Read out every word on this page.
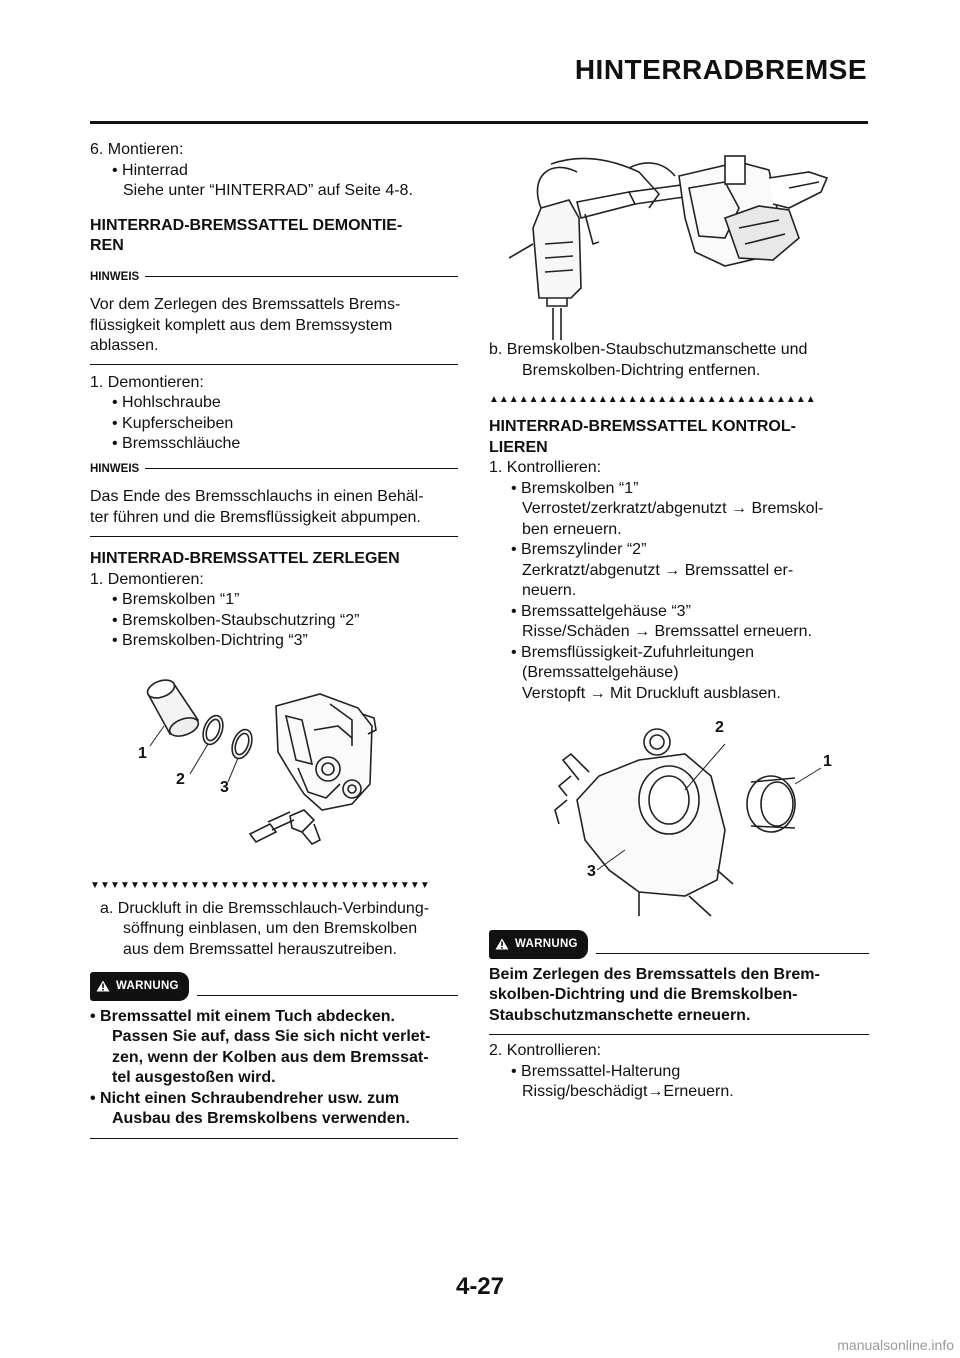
HINTERRADBREMSE

6. Montieren:

• Hinterrad

Siehe unter “HINTERRAD” auf Seite 4-8.

HINTERRAD-BREMSSATTEL DEMONTIE-

REN

HINWEIS

Vor dem Zerlegen des Bremssattels Brems-

flüssigkeit komplett aus dem Bremssystem

ablassen.

1. Demontieren:

• Hohlschraube

• Kupferscheiben

• Bremsschläuche

HINWEIS

Das Ende des Bremsschlauchs in einen Behäl-

ter führen und die Bremsflüssigkeit abpumpen.

HINTERRAD-BREMSSATTEL ZERLEGEN

1. Demontieren:

• Bremskolben “1”

• Bremskolben-Staubschutzring “2”

• Bremskolben-Dichtring “3”

1
2 3
▼▼▼▼▼▼▼▼▼▼▼▼▼▼▼▼▼▼▼▼▼▼▼▼▼▼▼▼▼▼▼▼▼▼

a. Druckluft in die Bremsschlauch-Verbindung-

söffnung einblasen, um den Bremskolben

aus dem Bremssattel herauszutreiben.

WARNUNG

• Bremssattel mit einem Tuch abdecken.

Passen Sie auf, dass Sie sich nicht verlet-

zen, wenn der Kolben aus dem Bremssat-

tel ausgestoßen wird.

• Nicht einen Schraubendreher usw. zum

Ausbau des Bremskolbens verwenden.

b. Bremskolben-Staubschutzmanschette und

Bremskolben-Dichtring entfernen.

▲▲▲▲▲▲▲▲▲▲▲▲▲▲▲▲▲▲▲▲▲▲▲▲▲▲▲▲▲▲▲▲▲

HINTERRAD-BREMSSATTEL KONTROL-

LIEREN

1. Kontrollieren:

• Bremskolben “1”

Verrostet/zerkratzt/abgenutzt → Bremskol-

ben erneuern.

• Bremszylinder “2”

Zerkratzt/abgenutzt → Bremssattel er-

neuern.

• Bremssattelgehäuse “3”

Risse/Schäden → Bremssattel erneuern.

• Bremsflüssigkeit-Zufuhrleitungen

(Bremssattelgehäuse)

Verstopft → Mit Druckluft ausblasen.

2
1
3
WARNUNG

Beim Zerlegen des Bremssattels den Brem-

skolben-Dichtring und die Bremskolben-

Staubschutzmanschette erneuern.

2. Kontrollieren:

• Bremssattel-Halterung

Rissig/beschädigt→Erneuern.

4-27
manualsonline.info
